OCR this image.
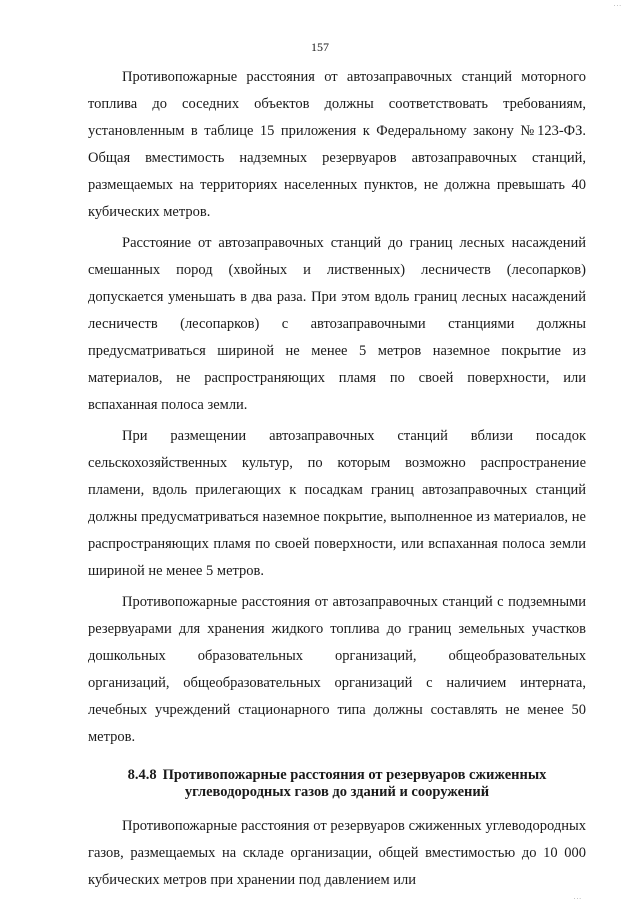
...
157

Противопожарные расстояния от автозаправочных станций моторного топлива до соседних объектов должны соответствовать требованиям, установленным в таблице 15 приложения к Федеральному закону №123-ФЗ. Общая вместимость надземных резервуаров автозаправочных станций, размещаемых на территориях населенных пунктов, не должна превышать 40 кубических метров.

Расстояние от автозаправочных станций до границ лесных насаждений смешанных пород (хвойных и лиственных) лесничеств (лесопарков) допускается уменьшать в два раза. При этом вдоль границ лесных насаждений лесничеств (лесопарков) с автозаправочными станциями должны предусматриваться шириной не менее 5 метров наземное покрытие из материалов, не распространяющих пламя по своей поверхности, или вспаханная полоса земли.

При размещении автозаправочных станций вблизи посадок сельскохозяйственных культур, по которым возможно распространение пламени, вдоль прилегающих к посадкам границ автозаправочных станций должны предусматриваться наземное покрытие, выполненное из материалов, не распространяющих пламя по своей поверхности, или вспаханная полоса земли шириной не менее 5 метров.

Противопожарные расстояния от автозаправочных станций с подземными резервуарами для хранения жидкого топлива до границ земельных участков дошкольных образовательных организаций, общеобразовательных организаций, общеобразовательных организаций с наличием интерната, лечебных учреждений стационарного типа должны составлять не менее 50 метров.

8.4.8 Противопожарные расстояния от резервуаров сжиженных углеводородных газов до зданий и сооружений

Противопожарные расстояния от резервуаров сжиженных углеводородных газов, размещаемых на складе организации, общей вместимостью до 10 000 кубических метров при хранении под давлением или

...
